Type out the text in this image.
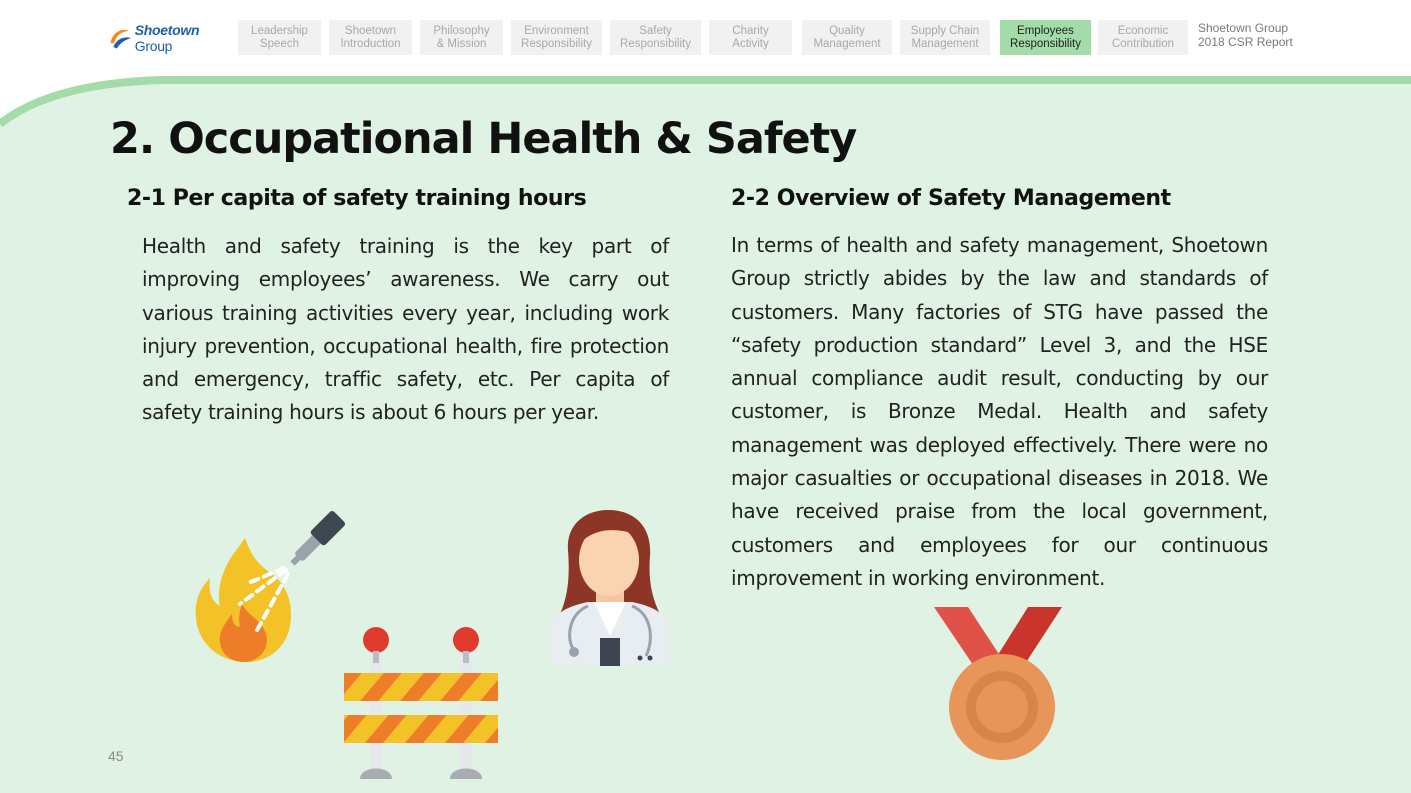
Shoetown Group
Leadership
Speech
Shoetown
Introduction
Philosophy
& Mission
Environment
Responsibility
Safety
Responsibility
Charity
Activity
Quality
Management
Supply Chain
Management
Employees
Responsibility
Economic
Contribution
Shoetown Group
2018 CSR Report
2. Occupational Health & Safety
2-1 Per capita of safety training hours

Health and safety training is the key part of improving employees’ awareness. We carry out various training activities every year, including work injury prevention, occupational health, fire protection and emergency, traffic safety, etc. Per capita of safety training hours is about 6 hours per year.

2-2 Overview of Safety Management

In terms of health and safety management, Shoetown Group strictly abides by the law and standards of customers. Many factories of STG have passed the “safety production standard” Level 3, and the HSE annual compliance audit result, conducting by our customer, is Bronze Medal. Health and safety management was deployed effectively. There were no major casualties or occupational diseases in 2018. We have received praise from the local government, customers and employees for our continuous improvement in working environment.

45
